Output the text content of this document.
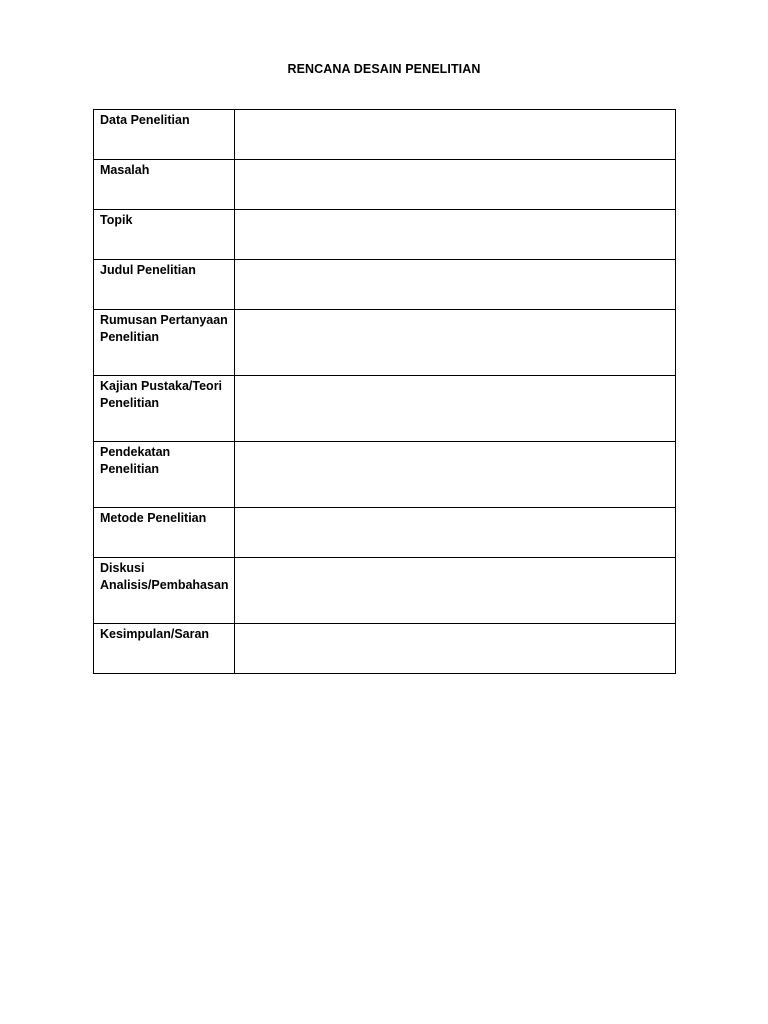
RENCANA DESAIN PENELITIAN
Data Penelitian	

Masalah	

Topik	

Judul Penelitian	

Rumusan Pertanyaan
Penelitian	

Kajian Pustaka/Teori
Penelitian	

Pendekatan
Penelitian	

Metode Penelitian	

Diskusi
Analisis/Pembahasan	

Kesimpulan/Saran	
